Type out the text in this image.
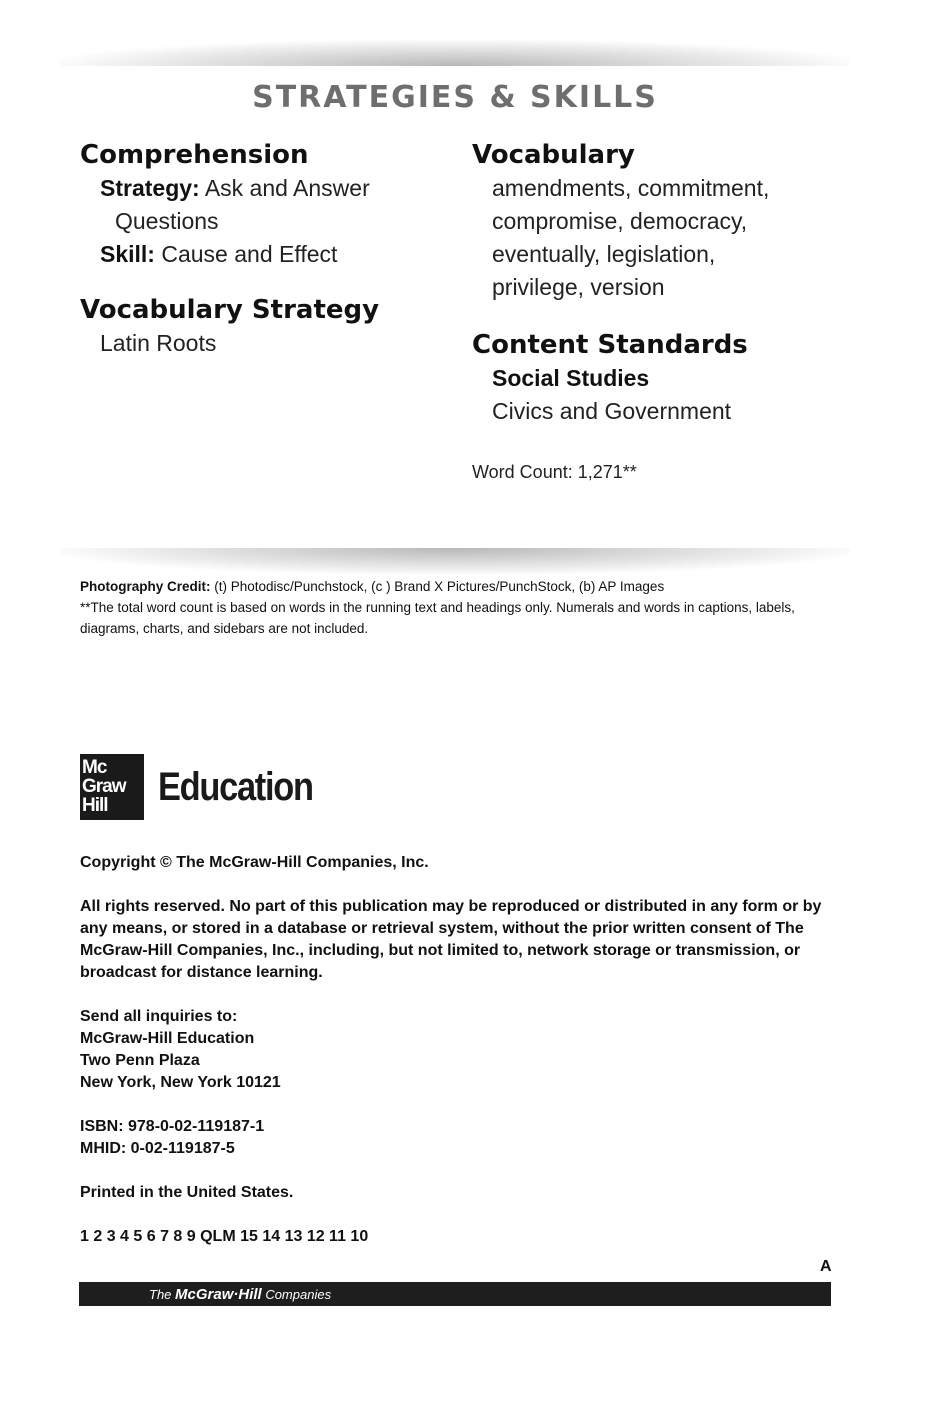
STRATEGIES & SKILLS
Comprehension
Strategy: Ask and Answer
Questions
Skill: Cause and Effect
Vocabulary Strategy
Latin Roots
Vocabulary
amendments, commitment,
compromise, democracy,
eventually, legislation,
privilege, version
Content Standards
Social Studies
Civics and Government
Word Count: 1,271**
Photography Credit: (t) Photodisc/Punchstock, (c ) Brand X Pictures/PunchStock, (b) AP Images
**The total word count is based on words in the running text and headings only. Numerals and words in captions, labels, diagrams, charts, and sidebars are not included.
Mc
Graw
Hill	Education

Copyright © The McGraw-Hill Companies, Inc.

All rights reserved. No part of this publication may be reproduced or distributed in any form or by any means, or stored in a database or retrieval system, without the prior written consent of The McGraw-Hill Companies, Inc., including, but not limited to, network storage or transmission, or broadcast for distance learning.

Send all inquiries to:
McGraw-Hill Education
Two Penn Plaza
New York, New York 10121

ISBN: 978-0-02-119187-1
MHID: 0-02-119187-5

Printed in the United States.

1 2 3 4 5 6 7 8 9 QLM 15 14 13 12 11 10

A
The McGraw·Hill Companies
